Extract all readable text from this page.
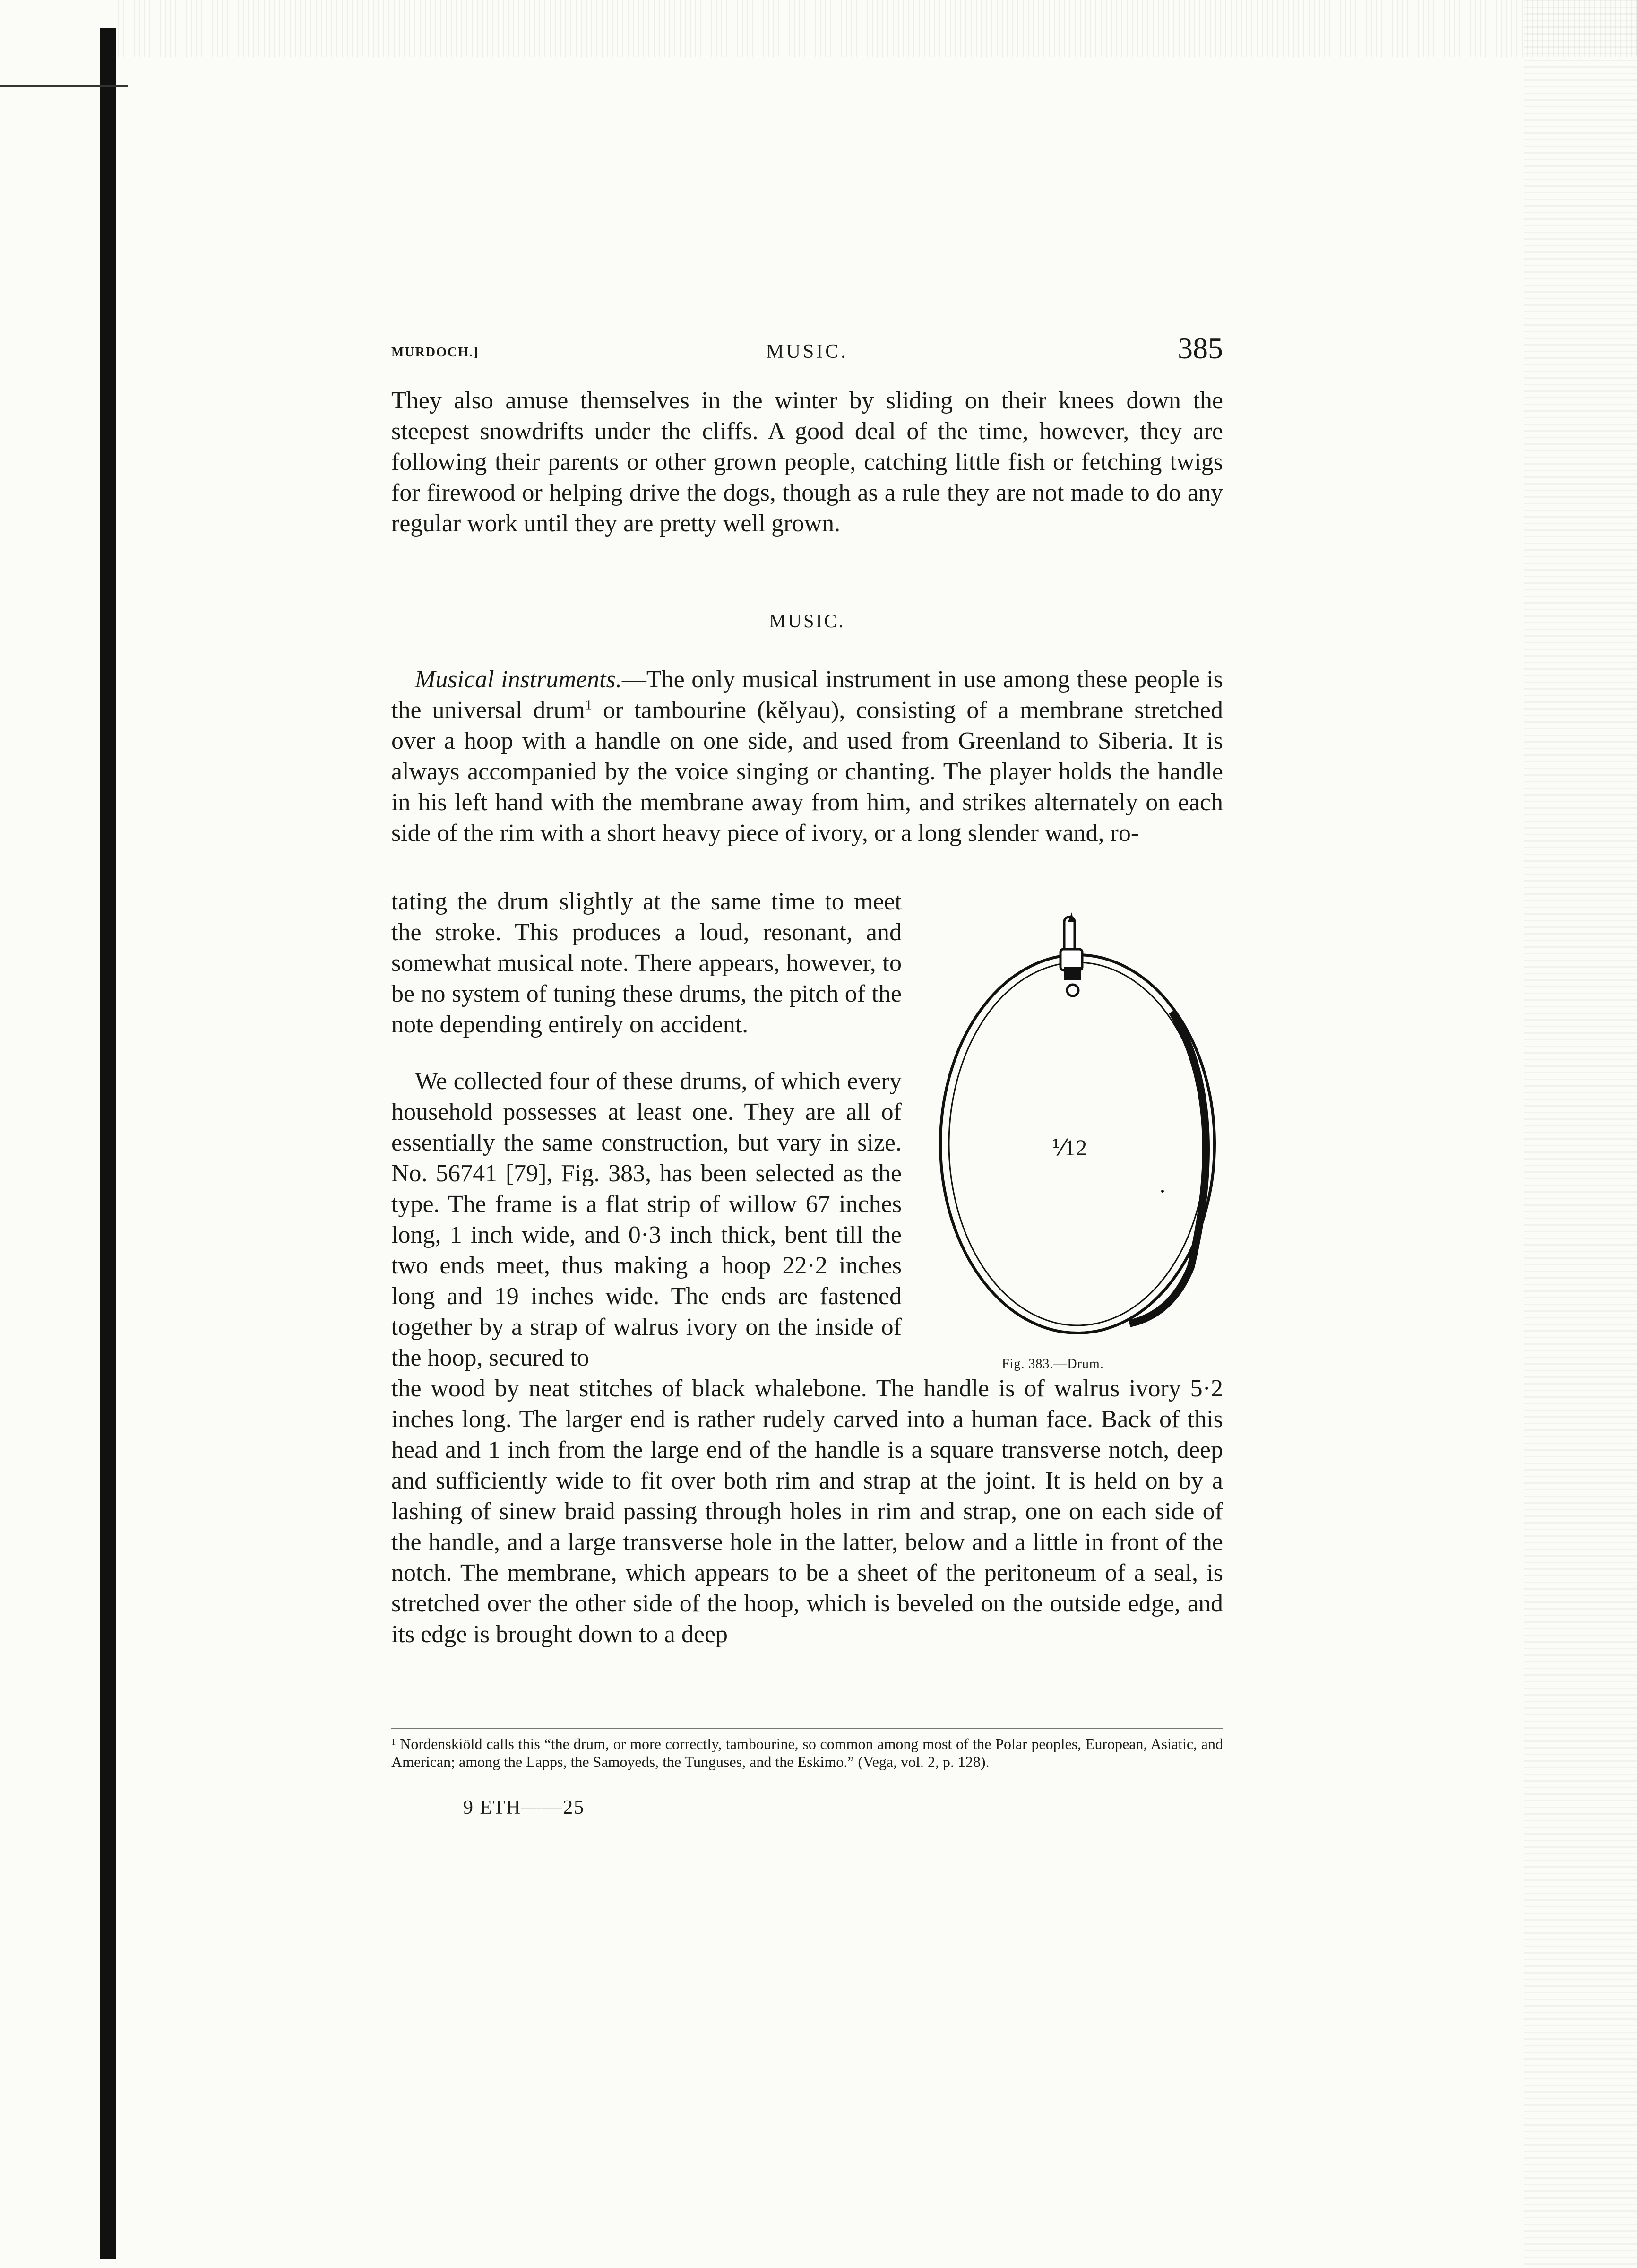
MURDOCH.]	MUSIC.	385

They also amuse themselves in the winter by sliding on their knees down the steepest snowdrifts under the cliffs. A good deal of the time, however, they are following their parents or other grown people, catching little fish or fetching twigs for firewood or helping drive the dogs, though as a rule they are not made to do any regular work until they are pretty well grown.

MUSIC.

Musical instruments.—The only musical instrument in use among these people is the universal drum$^1$ or tambourine (kĕlyau), consisting of a membrane stretched over a hoop with a handle on one side, and used from Greenland to Siberia. It is always accompanied by the voice singing or chanting. The player holds the handle in his left hand with the membrane away from him, and strikes alternately on each side of the rim with a short heavy piece of ivory, or a long slender wand, ro-

tating the drum slightly at the same time to meet the stroke. This produces a loud, resonant, and somewhat musical note. There appears, however, to be no system of tuning these drums, the pitch of the note depending entirely on accident.

We collected four of these drums, of which every household possesses at least one. They are all of essentially the same construction, but vary in size. No. 56741 [79], Fig. 383, has been selected as the type. The frame is a flat strip of willow 67 inches long, 1 inch wide, and 0·3 inch thick, bent till the two ends meet, thus making a hoop 22·2 inches long and 19 inches wide. The ends are fastened together by a strap of walrus ivory on the inside of the hoop, secured to

the wood by neat stitches of black whalebone. The handle is of walrus ivory 5·2 inches long. The larger end is rather rudely carved into a human face. Back of this head and 1 inch from the large end of the handle is a square transverse notch, deep and sufficiently wide to fit over both rim and strap at the joint. It is held on by a lashing of sinew braid passing through holes in rim and strap, one on each side of the handle, and a large transverse hole in the latter, below and a little in front of the notch. The membrane, which appears to be a sheet of the peritoneum of a seal, is stretched over the other side of the hoop, which is beveled on the outside edge, and its edge is brought down to a deep

⅟12
Fig. 383.—Drum.

¹ Nordenskiöld calls this “the drum, or more correctly, tambourine, so common among most of the Polar peoples, European, Asiatic, and American; among the Lapps, the Samoyeds, the Tunguses, and the Eskimo.” (Vega, vol. 2, p. 128).

9 ETH——25
